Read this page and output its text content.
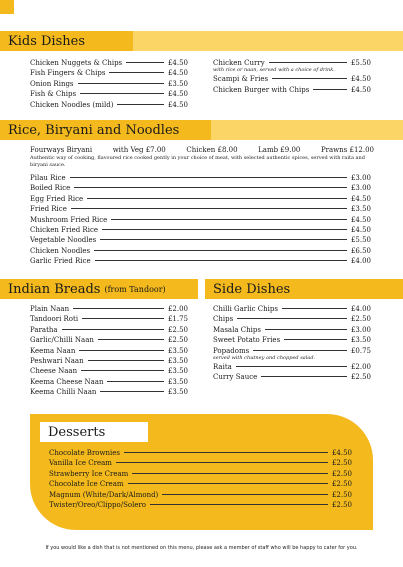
Kids Dishes
Chicken Nuggets & Chips	£4.50
Fish Fingers & Chips	£4.50
Onion Rings	£3.50
Fish & Chips	£4.50
Chicken Noodles (mild)	£4.50
Chicken Curry	£5.50
with rice or naan, served with a choice of drink.
Scampi & Fries	£4.50
Chicken Burger with Chips	£4.50
Rice, Biryani and Noodles
Fourways Biryani	with Veg £7.00	Chicken £8.00	Lamb £9.00	Prawns £12.00
Authentic way of cooking, flavoured rice cooked gently in your choice of meat, with selected authentic spices, served with raita and biryani sauce.
Pilau Rice	£3.00
Boiled Rice	£3.00
Egg Fried Rice	£4.50
Fried Rice	£3.50
Mushroom Fried Rice	£4.50
Chicken Fried Rice	£4.50
Vegetable Noodles	£5.50
Chicken Noodles	£6.50
Garlic Fried Rice	£4.00
Indian Breads (from Tandoor)
Plain Naan	£2.00
Tandoori Roti	£1.75
Paratha	£2.50
Garlic/Chilli Naan	£2.50
Keema Naan	£3.50
Peshwari Naan	£3.50
Cheese Naan	£3.50
Keema Cheese Naan	£3.50
Keema Chilli Naan	£3.50
Side Dishes
Chilli Garlic Chips	£4.00
Chips	£2.50
Masala Chips	£3.00
Sweet Potato Fries	£3.50
Popadoms	£0.75
served with chutney and chopped salad.
Raita	£2.00
Curry Sauce	£2.50
Desserts
Chocolate Brownies	£4.50
Vanilla Ice Cream	£2.50
Strawberry Ice Cream	£2.50
Chocolate Ice Cream	£2.50
Magnum (White/Dark/Almond)	£2.50
Twister/Oreo/Clippo/Solero	£2.50
If you would like a dish that is not mentioned on this menu, please ask a member of staff who will be happy to cater for you.
